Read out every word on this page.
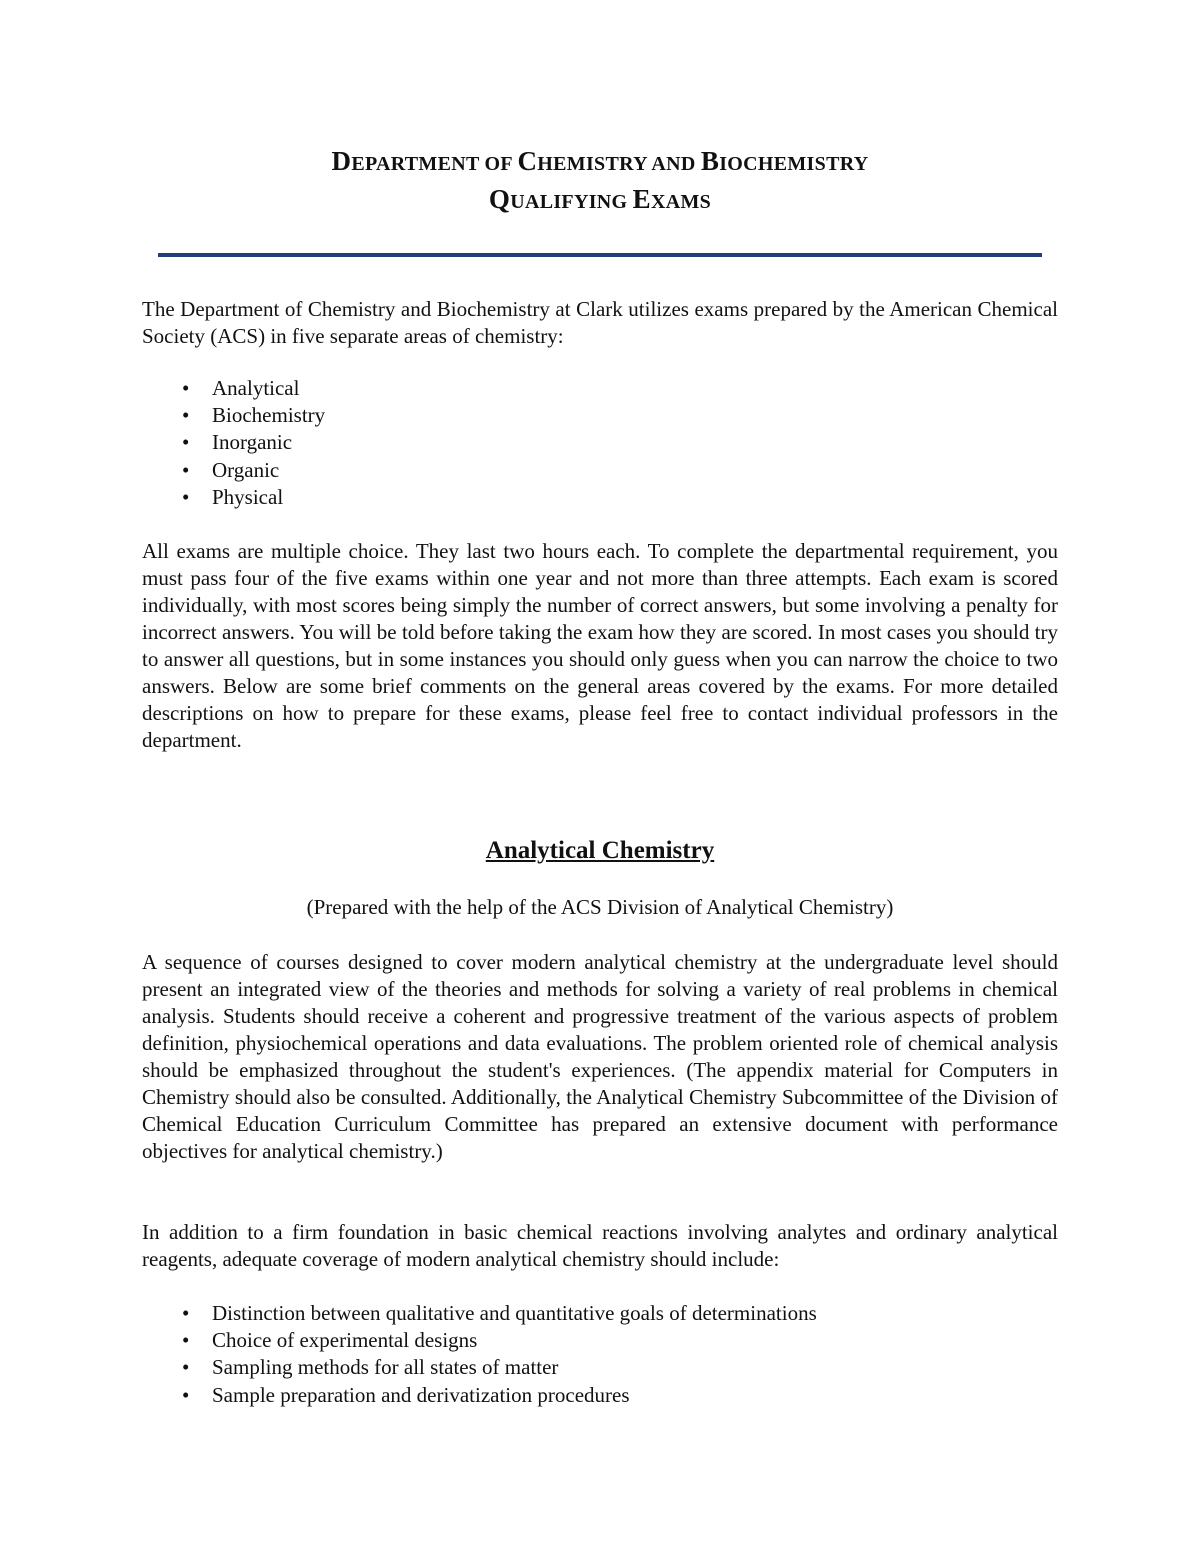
DEPARTMENT OF CHEMISTRY AND BIOCHEMISTRY
QUALIFYING EXAMS

The Department of Chemistry and Biochemistry at Clark utilizes exams prepared by the American Chemical Society (ACS) in five separate areas of chemistry:

• Analytical
• Biochemistry
• Inorganic
• Organic
• Physical

All exams are multiple choice. They last two hours each. To complete the departmental requirement, you must pass four of the five exams within one year and not more than three attempts. Each exam is scored individually, with most scores being simply the number of correct answers, but some involving a penalty for incorrect answers. You will be told before taking the exam how they are scored. In most cases you should try to answer all questions, but in some instances you should only guess when you can narrow the choice to two answers. Below are some brief comments on the general areas covered by the exams. For more detailed descriptions on how to prepare for these exams, please feel free to contact individual professors in the department.

Analytical Chemistry
(Prepared with the help of the ACS Division of Analytical Chemistry)

A sequence of courses designed to cover modern analytical chemistry at the undergraduate level should present an integrated view of the theories and methods for solving a variety of real problems in chemical analysis. Students should receive a coherent and progressive treatment of the various aspects of problem definition, physiochemical operations and data evaluations. The problem oriented role of chemical analysis should be emphasized throughout the student's experiences. (The appendix material for Computers in Chemistry should also be consulted. Additionally, the Analytical Chemistry Subcommittee of the Division of Chemical Education Curriculum Committee has prepared an extensive document with performance objectives for analytical chemistry.)

In addition to a firm foundation in basic chemical reactions involving analytes and ordinary analytical reagents, adequate coverage of modern analytical chemistry should include:

• Distinction between qualitative and quantitative goals of determinations
• Choice of experimental designs
• Sampling methods for all states of matter
• Sample preparation and derivatization procedures
